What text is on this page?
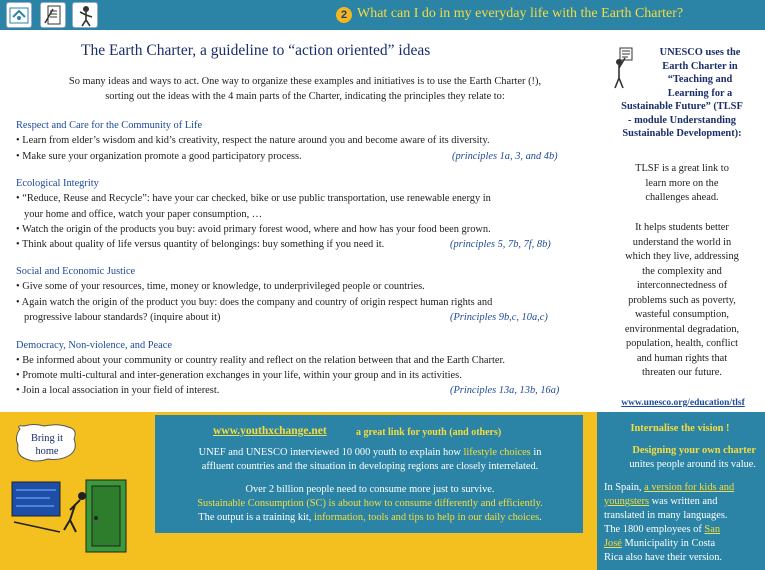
2 What can I do in my everyday life with the Earth Charter?
The Earth Charter, a guideline to “action oriented” ideas
So many ideas and ways to act. One way to organize these examples and initiatives is to use the Earth Charter (!),
sorting out the ideas with the 4 main parts of the Charter, indicating the principles they relate to:
Respect and Care for the Community of Life
• Learn from elder’s wisdom and kid’s creativity, respect the nature around you and become aware of its diversity.
• Make sure your organization promote a good participatory process.	(principles 1a, 3, and 4b)
Ecological Integrity
• “Reduce, Reuse and Recycle”: have your car checked, bike or use public transportation, use renewable energy in
your home and office, watch your paper consumption, …
• Watch the origin of the products you buy: avoid primary forest wood, where and how has your food been grown.
• Think about quality of life versus quantity of belongings: buy something if you need it.	(principles 5, 7b, 7f, 8b)
Social and Economic Justice
• Give some of your resources, time, money or knowledge, to underprivileged people or countries.
• Again watch the origin of the product you buy: does the company and country of origin respect human rights and
progressive labour standards? (inquire about it)	(Principles 9b,c, 10a,c)
Democracy, Non-violence, and Peace
• Be informed about your community or country reality and reflect on the relation between that and the Earth Charter.
• Promote multi-cultural and inter-generation exchanges in your life, within your group and in its activities.
• Join a local association in your field of interest.	(Principles 13a, 13b, 16a)
UNESCO uses the
Earth Charter in
“Teaching and
Learning for a
Sustainable Future” (TLSF
- module Understanding
Sustainable Development):
TLSF is a great link to
learn more on the
challenges ahead.
It helps students better
understand the world in
which they live, addressing
the complexity and
interconnectedness of
problems such as poverty,
wasteful consumption,
environmental degradation,
population, health, conflict
and human rights that
threaten our future.
www.unesco.org/education/tlsf
Bring it
home
www.youthxchange.net	a great link for youth (and others)
UNEF and UNESCO interviewed 10 000 youth to explain how lifestyle choices in
affluent countries and the situation in developing regions are closely interrelated.
Over 2 billion people need to consume more just to survive.
Sustainable Consumption (SC) is about how to consume differently and efficiently.
The output is a training kit, information, tools and tips to help in our daily choices.
Internalise the vision !
Designing your own charter
unites people around its value.
In Spain, a version for kids and
youngsters was written and
translated in many languages.
The 1800 employees of San
José Municipality in Costa
Rica also have their version.
